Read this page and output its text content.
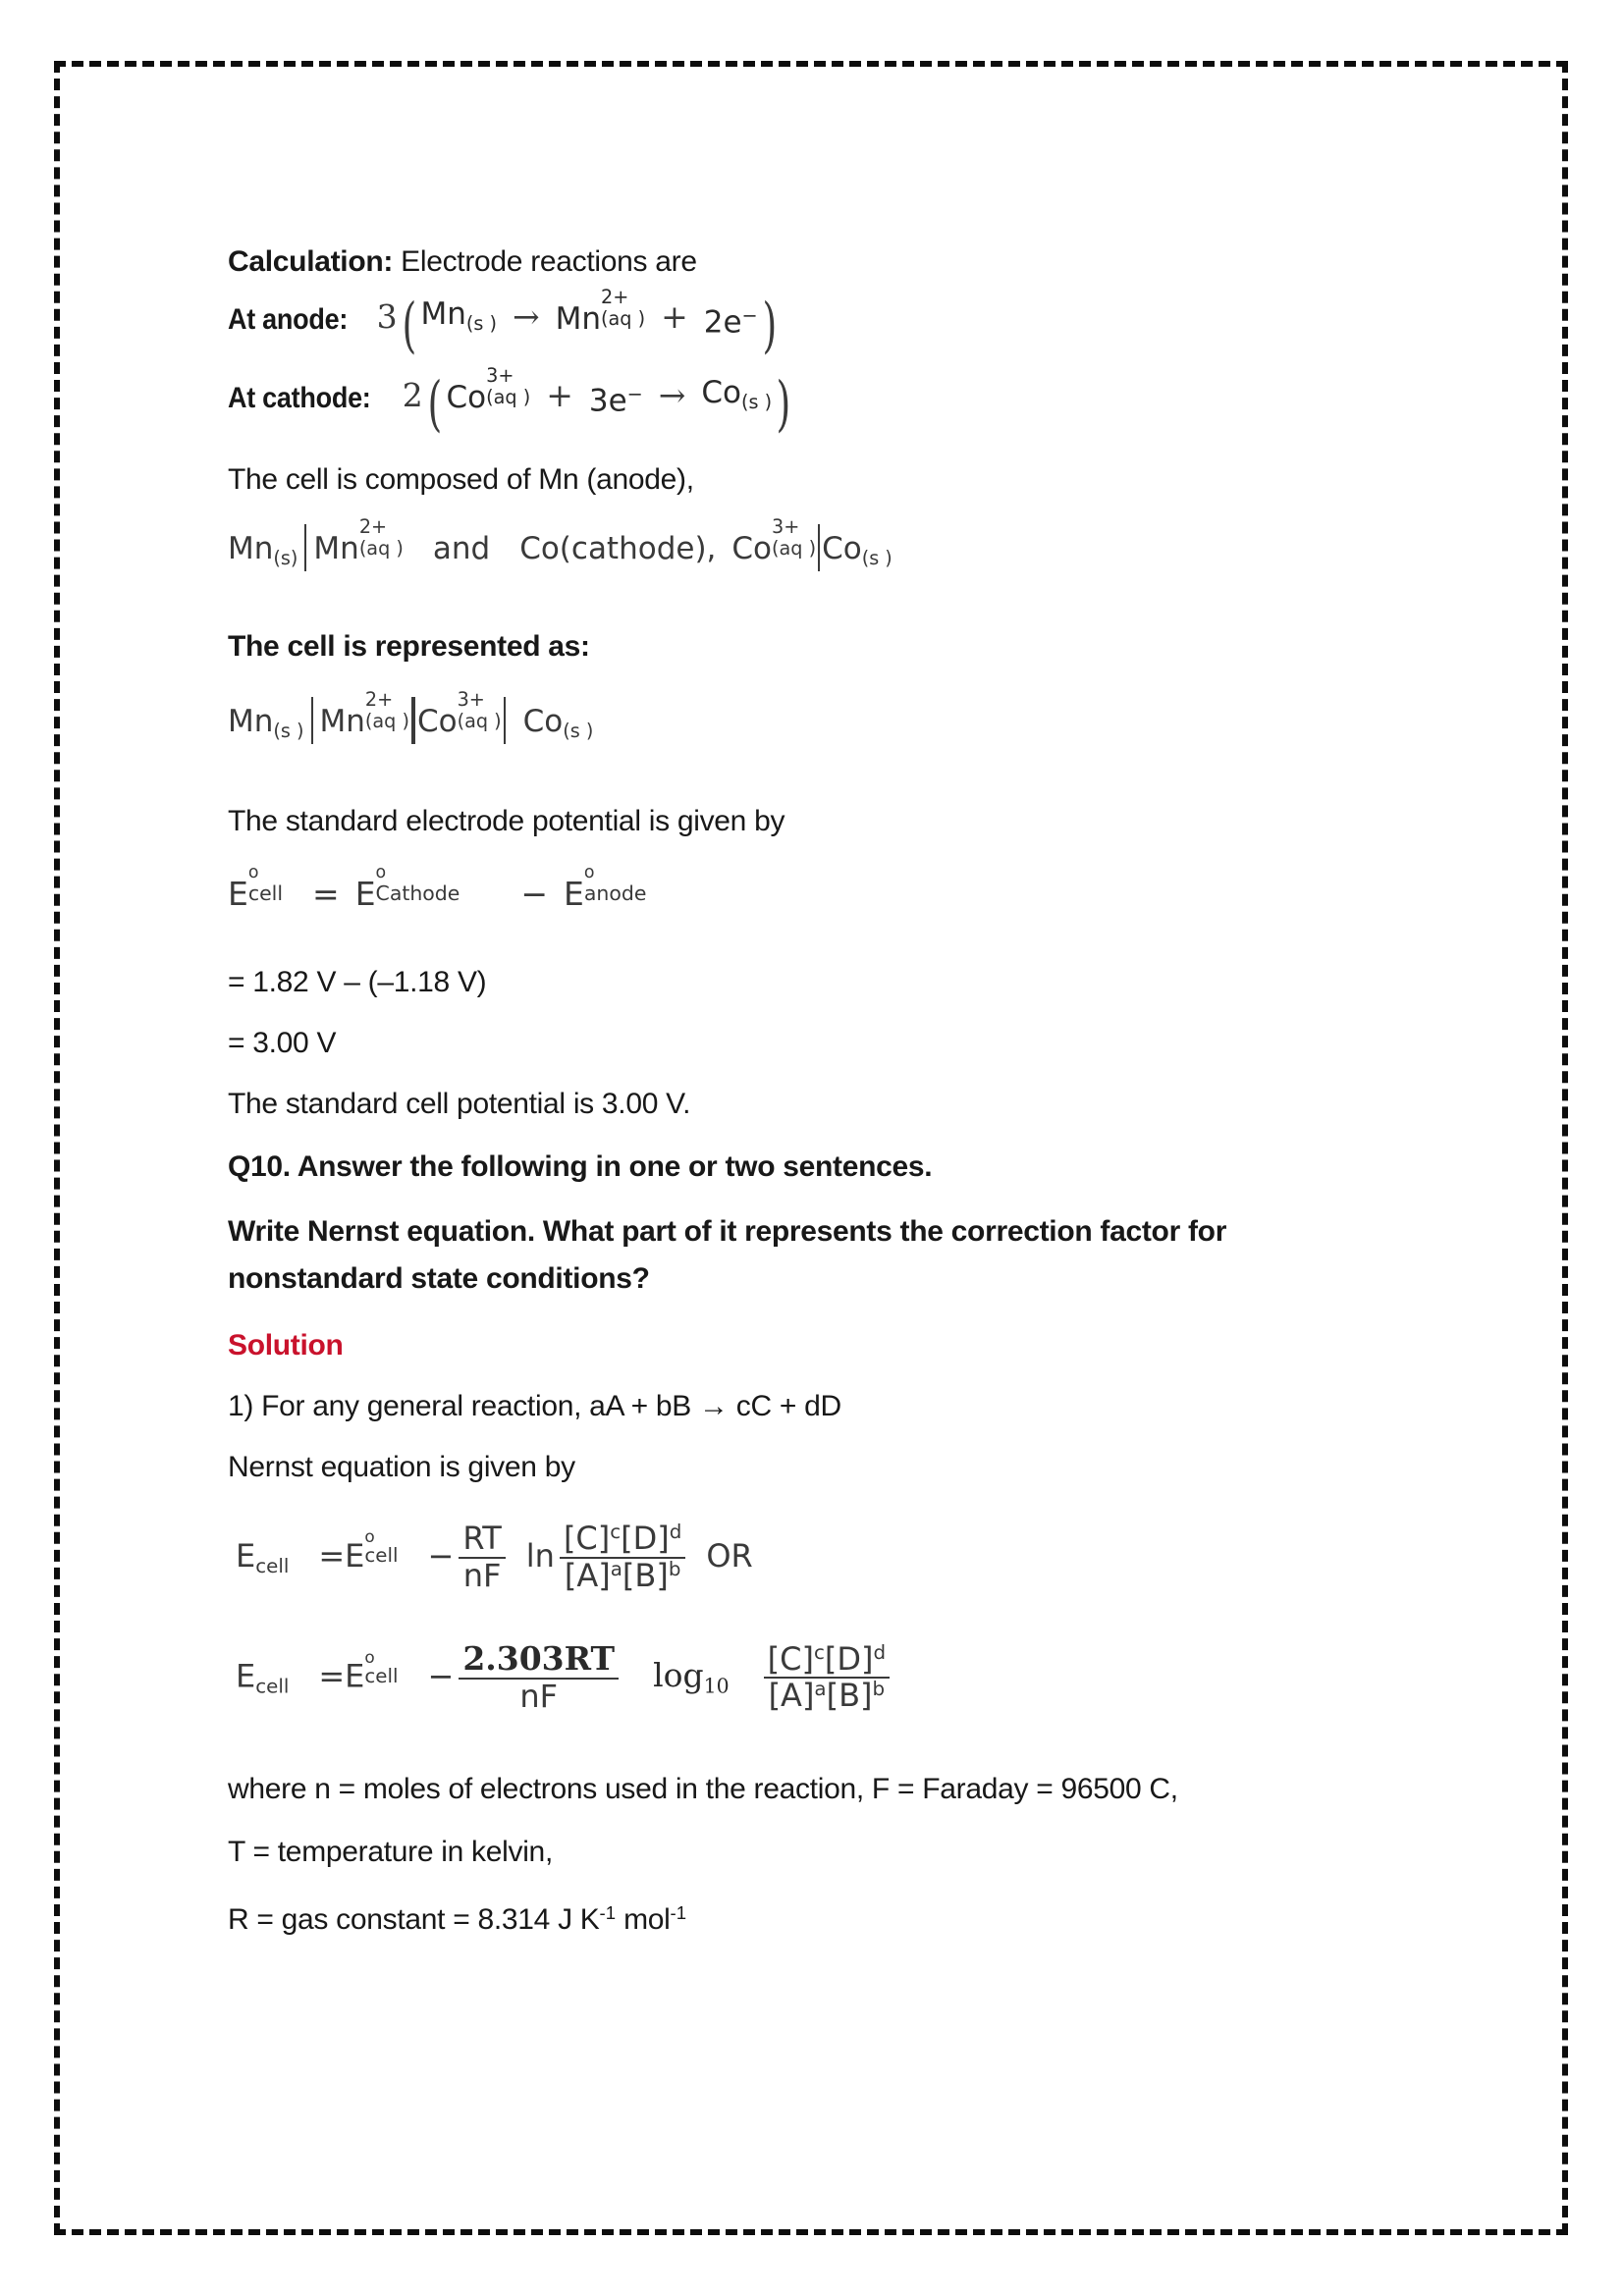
Calculation: Electrode reactions are
At anode: 3( $Mn_{(s )} \to Mn$
2+
(aq ) + 2e−)
At cathode: 2( Co
3+
(aq ) + $3e^- \to Co_{(s )}$)
The cell is composed of Mn (anode),
$Mn_{(s)}$ Mn
2+
(aq ) and Co(cathode), Co
3+
(aq ) $Co_{(s )}$
The cell is represented as:
$Mn_{(s )}$ Mn
2+
(aq ) Co
3+
(aq ) $Co_{(s )}$
The standard electrode potential is given by
E
o
cell = E
o
Cathode − E
o
anode
= 1.82 V – (–1.18 V)
= 3.00 V
The standard cell potential is 3.00 V.
Q10. Answer the following in one or two sentences.
Write Nernst equation. What part of it represents the correction factor for
nonstandard state conditions?
Solution
1) For any general reaction, aA + bB → cC + dD
Nernst equation is given by
$E_{cell} =E$
o
cell − $\frac{RT}{nF}$ $\ln \frac{[C]^c[D]^d}{[A]^a[B]^b}$ OR
$E_{cell} =E$
o
cell − $\frac{2.303RT}{nF} \log_{10} \frac{[C]^c[D]^d}{[A]^a[B]^b}$
where n = moles of electrons used in the reaction, F = Faraday = 96500 C,
T = temperature in kelvin,
R = gas constant = 8.314 J $K^{-1}$ mol$^{-1}$
